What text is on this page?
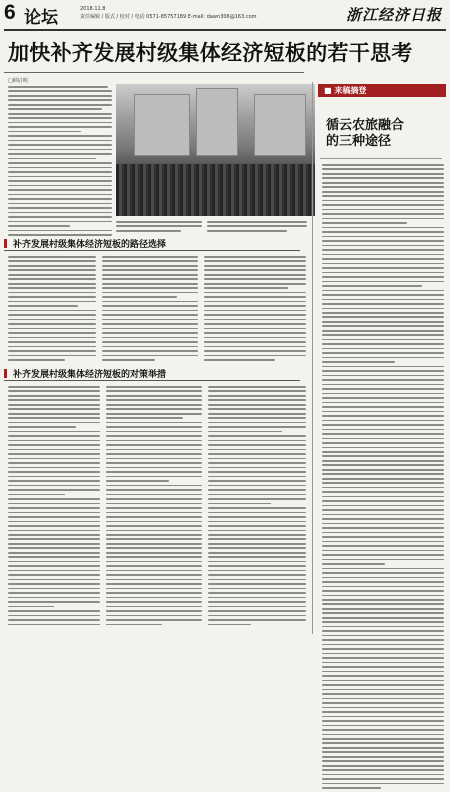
6 论坛	2018.11.8
责任编辑 / 版式 / 校对 / 电话 0571-85757189 E-mail: dawn306@163.com	浙江经济日报
加快补齐发展村级集体经济短板的若干思考
□顾启明
补齐发展村级集体经济短板的路径选择
补齐发展村级集体经济短板的对策举措
■ 来稿摘登
循云农旅融合
的三种途径
